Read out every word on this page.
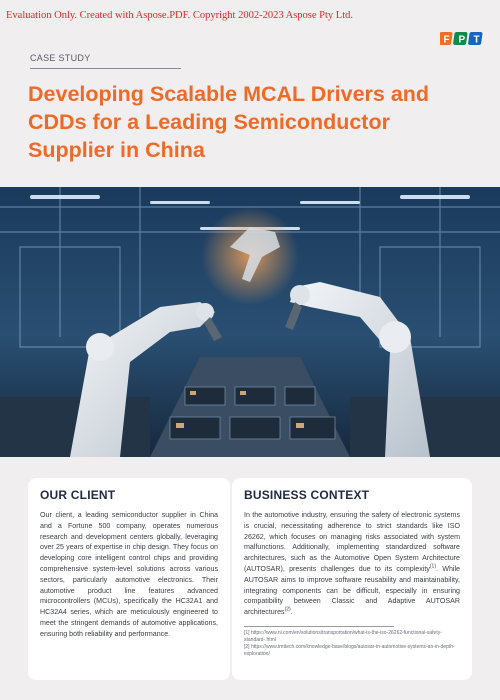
Evaluation Only. Created with Aspose.PDF. Copyright 2002-2023 Aspose Pty Ltd.
F P T
CASE STUDY
Developing Scalable MCAL Drivers and CDDs for a Leading Semiconductor Supplier in China
OUR CLIENT

Our client, a leading semiconductor supplier in China and a Fortune 500 company, operates numerous research and development centers globally, leveraging over 25 years of expertise in chip design. They focus on developing core intelligent control chips and providing comprehensive system-level solutions across various sectors, particularly automotive electronics. Their automotive product line features advanced microcontrollers (MCUs), specifically the HC32A1 and HC32A4 series, which are meticulously engineered to meet the stringent demands of automotive applications, ensuring both reliability and performance.

BUSINESS CONTEXT

In the automotive industry, ensuring the safety of electronic systems is crucial, necessitating adherence to strict standards like ISO 26262, which focuses on managing risks associated with system malfunctions. Additionally, implementing standardized software architectures, such as the Automotive Open System Architecture (AUTOSAR), presents challenges due to its complexity$^{(1)}$. While AUTOSAR aims to improve software reusability and maintainability, integrating components can be difficult, especially in ensuring compatibility between Classic and Adaptive AUTOSAR architectures$^{(2)}$.

[1] https://www.ni.com/en/solutions/transportation/what-is-the-iso-26262-functional-safety-standard-.html
[2] https://www.tmttech.com/knowledge-base/blogs/autosar-in-automotive-systems-an-in-depth-exploration/
